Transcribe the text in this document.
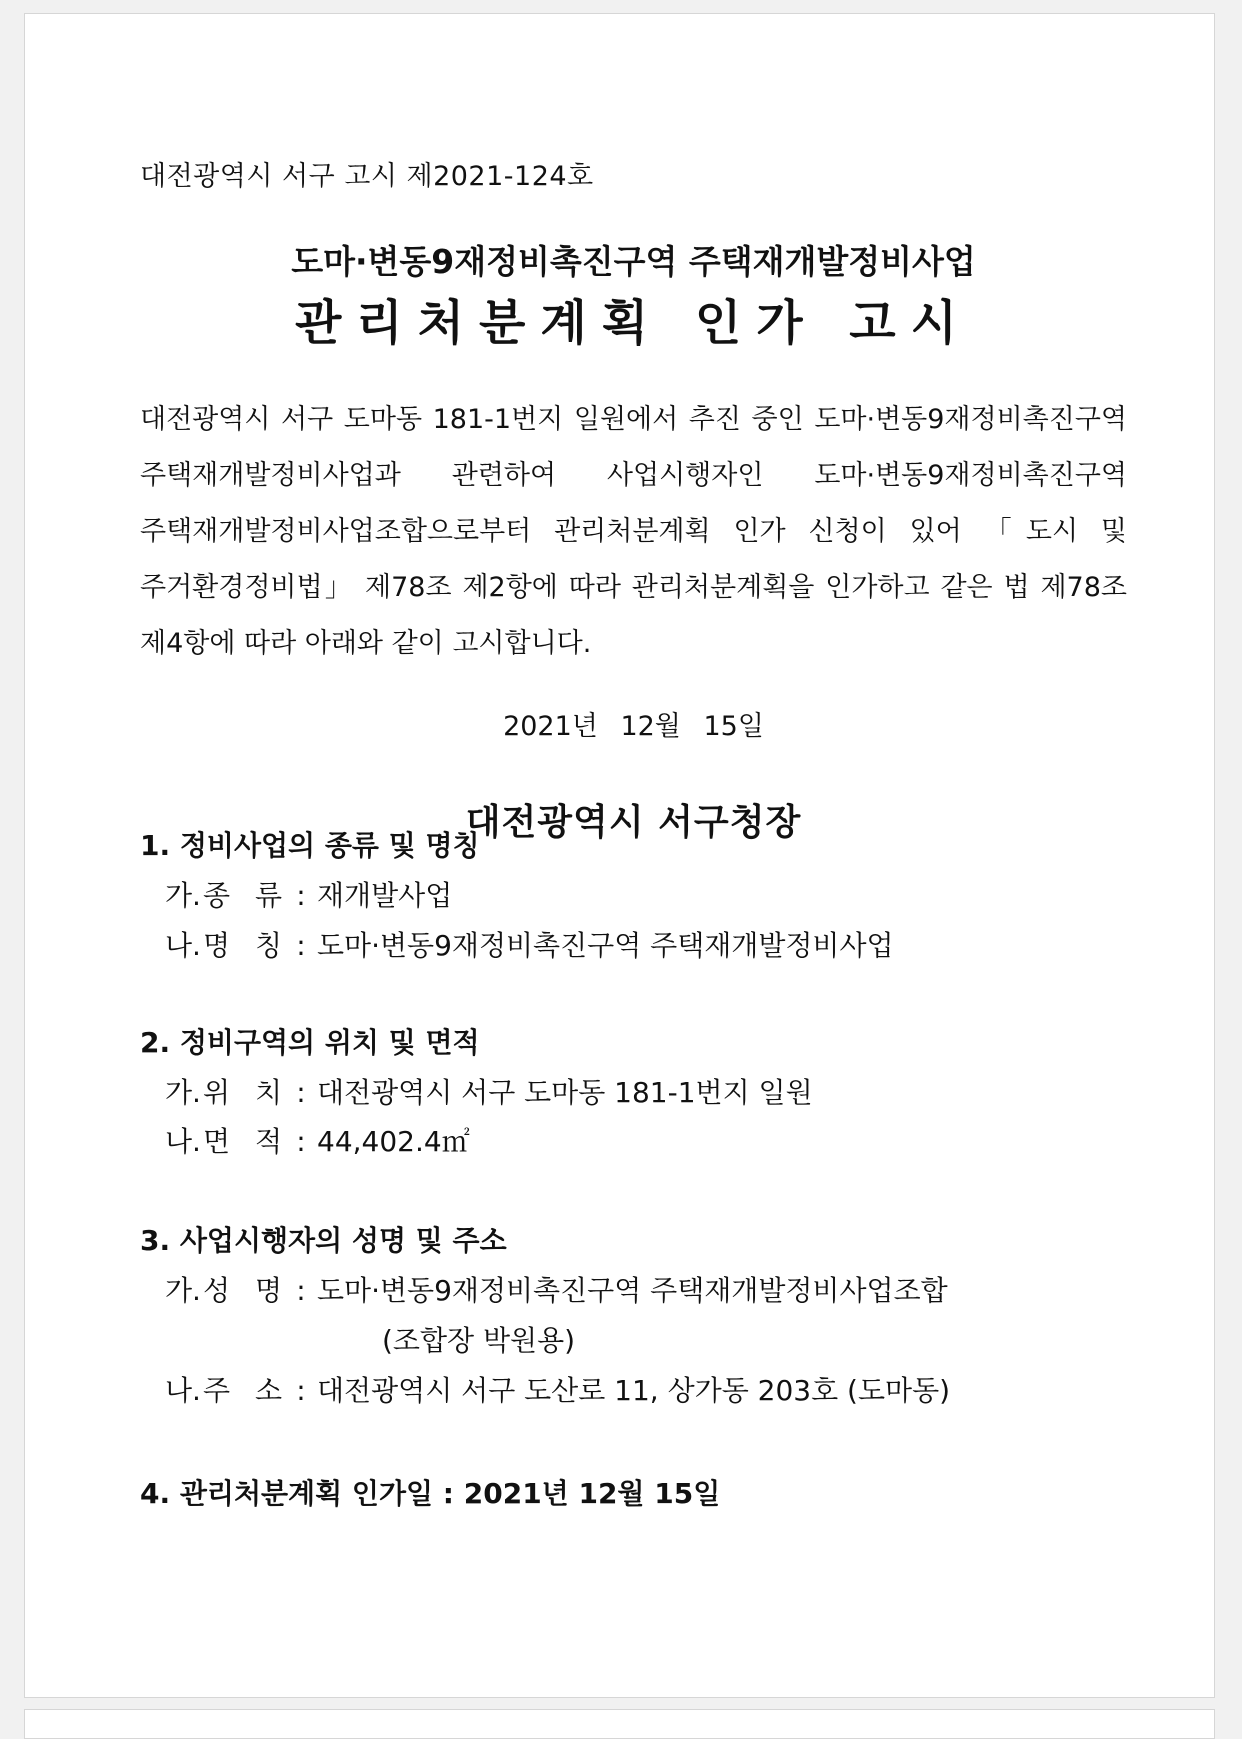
대전광역시 서구 고시 제2021-124호
도마·변동9재정비촉진구역 주택재개발정비사업
관리처분계획 인가 고시
대전광역시 서구 도마동 181-1번지 일원에서 추진 중인 도마·변동9재정비촉진구역 주택재개발정비사업과 관련하여 사업시행자인 도마·변동9재정비촉진구역 주택재개발정비사업조합으로부터 관리처분계획 인가 신청이 있어 「도시 및 주거환경정비법」 제78조 제2항에 따라 관리처분계획을 인가하고 같은 법 제78조 제4항에 따라 아래와 같이 고시합니다.
2021년 12월 15일
대전광역시 서구청장
1. 정비사업의 종류 및 명칭
가.종 류 : 재개발사업
나.명 칭 : 도마·변동9재정비촉진구역 주택재개발정비사업
2. 정비구역의 위치 및 면적
가.위 치 : 대전광역시 서구 도마동 181-1번지 일원
나.면 적 : 44,402.4㎡
3. 사업시행자의 성명 및 주소
가.성 명 : 도마·변동9재정비촉진구역 주택재개발정비사업조합
(조합장 박원용)
나.주 소 : 대전광역시 서구 도산로 11, 상가동 203호 (도마동)
4. 관리처분계획 인가일 : 2021년 12월 15일
